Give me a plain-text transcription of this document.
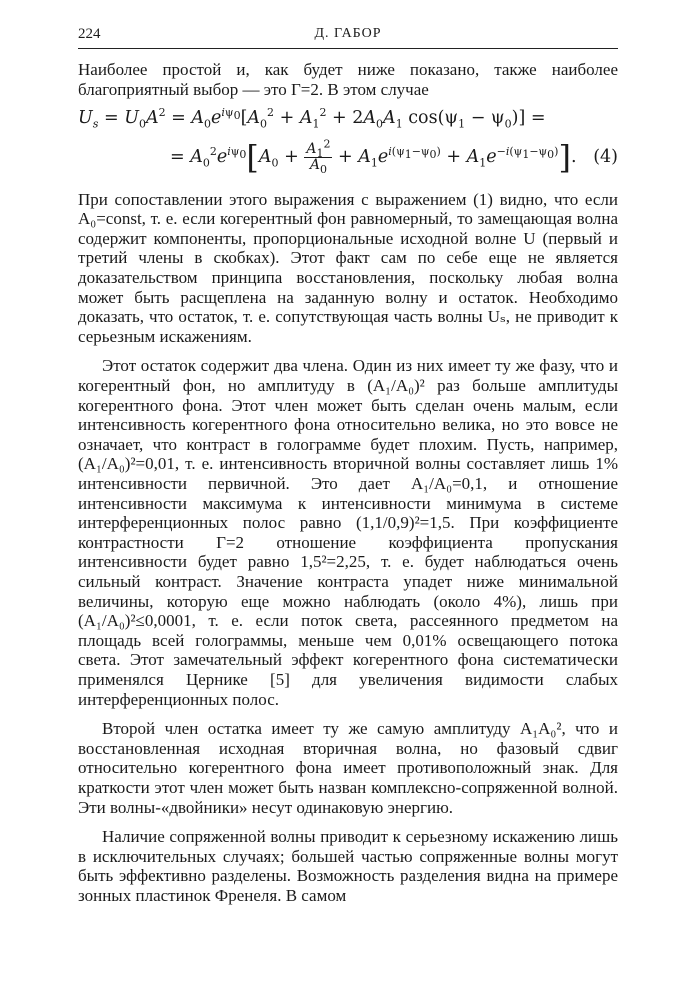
224	Д. ГАБОР

Наиболее простой и, как будет ниже показано, также наиболее благоприятный выбор — это Γ=2. В этом случае

$U_s = U_0A^2 = A_0e^{i\psi_0}[A_0^2 + A_1^2 + 2A_0A_1$ $\cos(\psi_1 - \psi_0)$] =
= $A_0^2e^{i\psi_0}[A_0 + \frac{A_1^2}{A_0} + A_1e^{i(\psi_1-\psi_0)} + A_1e^{-i(\psi_1-\psi_0)}]$. (4)

При сопоставлении этого выражения с выражением (1) видно, что если A₀=const, т. е. если когерентный фон равномерный, то замещающая волна содержит компоненты, пропорциональные исходной волне U (первый и третий члены в скобках). Этот факт сам по себе еще не является доказательством принципа восстановления, поскольку любая волна может быть расщеплена на заданную волну и остаток. Необходимо доказать, что остаток, т. е. сопутствующая часть волны Uₛ, не приводит к серьезным искажениям.

Этот остаток содержит два члена. Один из них имеет ту же фазу, что и когерентный фон, но амплитуду в (A₁/A₀)² раз больше амплитуды когерентного фона. Этот член может быть сделан очень малым, если интенсивность когерентного фона относительно велика, но это вовсе не означает, что контраст в голограмме будет плохим. Пусть, например, (A₁/A₀)²=0,01, т. е. интенсивность вторичной волны составляет лишь 1% интенсивности первичной. Это дает A₁/A₀=0,1, и отношение интенсивности максимума к интенсивности минимума в системе интерференционных полос равно (1,1/0,9)²=1,5. При коэффициенте контрастности Γ=2 отношение коэффициента пропускания интенсивности будет равно 1,5²=2,25, т. е. будет наблюдаться очень сильный контраст. Значение контраста упадет ниже минимальной величины, которую еще можно наблюдать (около 4%), лишь при (A₁/A₀)²≤0,0001, т. е. если поток света, рассеянного предметом на площадь всей голограммы, меньше чем 0,01% освещающего потока света. Этот замечательный эффект когерентного фона систематически применялся Цернике [5] для увеличения видимости слабых интерференционных полос.

Второй член остатка имеет ту же самую амплитуду A₁A₀², что и восстановленная исходная вторичная волна, но фазовый сдвиг относительно когерентного фона имеет противоположный знак. Для краткости этот член может быть назван комплексно-сопряженной волной. Эти волны-«двойники» несут одинаковую энергию.

Наличие сопряженной волны приводит к серьезному искажению лишь в исключительных случаях; большей частью сопряженные волны могут быть эффективно разделены. Возможность разделения видна на примере зонных пластинок Френеля. В самом
